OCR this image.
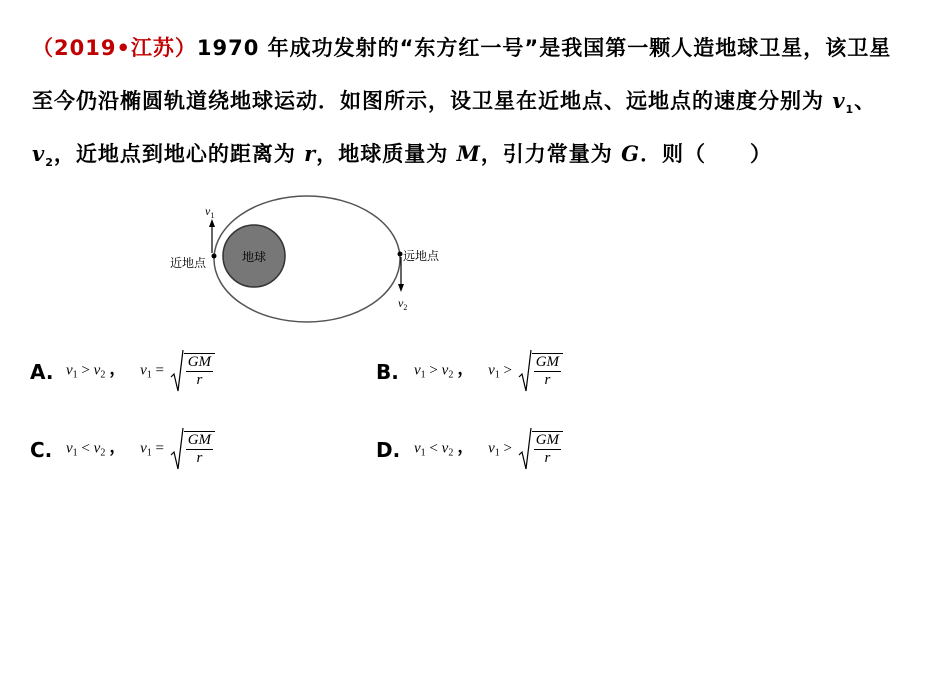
（2019•江苏）1970 年成功发射的“东方红一号”是我国第一颗人造地球卫星，该卫星
至今仍沿椭圆轨道绕地球运动．如图所示，设卫星在近地点、远地点的速度分别为 $v_1$、
$v_2$，近地点到地心的距离为 r，地球质量为 M，引力常量为 G．则（　　）
地球
近地点	远地点
$v_1$
$v_2$
A. $v_1 > v_2$ ， $v_1 = \frac{GM}{r}$	B. $v_1 > v_2$ ， $v_1 > \frac{GM}{r}$
C. $v_1 < v_2$ ， $v_1 = \frac{GM}{r}$	D. $v_1 < v_2$ ， $v_1 > \frac{GM}{r}$
